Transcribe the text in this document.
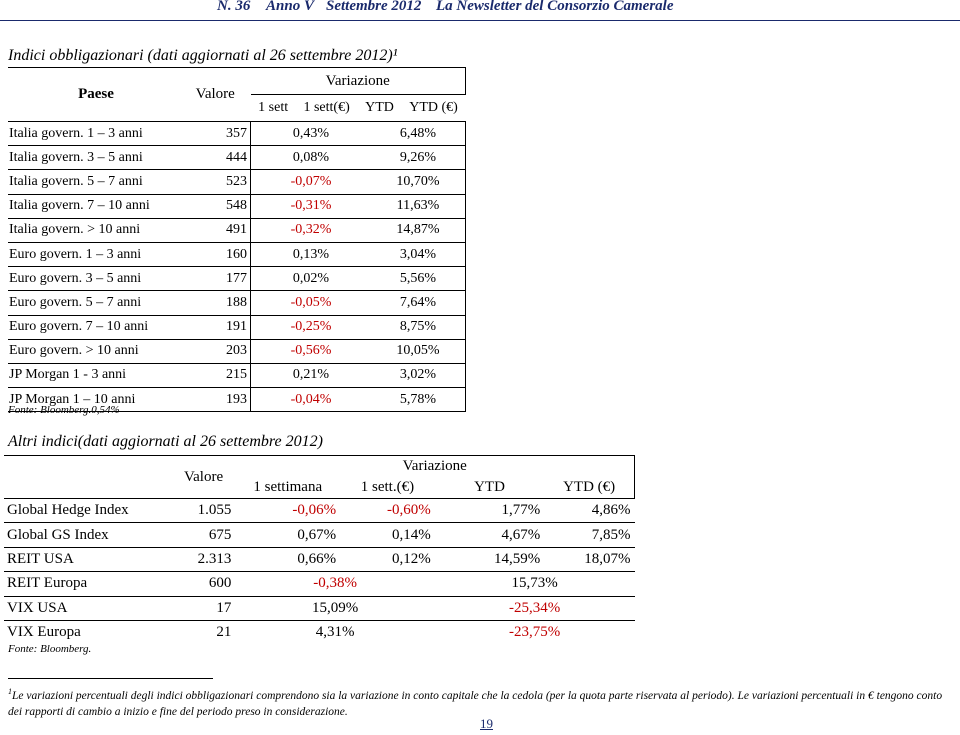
N. 36 Anno V Settembre 2012 La Newsletter del Consorzio Camerale
Indici obbligazionari (dati aggiornati al 26 settembre 2012)¹
Paese	Valore	Variazione	

		1 sett 1 sett(€) YTD YTD (€)	

Italia govern. 1 – 3 anni	357	0,43%	6,48%
Italia govern. 3 – 5 anni	444	0,08%	9,26%
Italia govern. 5 – 7 anni	523	-0,07%	10,70%
Italia govern. 7 – 10 anni	548	-0,31%	11,63%
Italia govern. > 10 anni	491	-0,32%	14,87%
Euro govern. 1 – 3 anni	160	0,13%	3,04%
Euro govern. 3 – 5 anni	177	0,02%	5,56%
Euro govern. 5 – 7 anni	188	-0,05%	7,64%
Euro govern. 7 – 10 anni	191	-0,25%	8,75%
Euro govern. > 10 anni	203	-0,56%	10,05%
JP Morgan 1 - 3 anni	215	0,21%	3,02%
JP Morgan 1 – 10 anni	193	-0,04%	5,78%
Fonte: Bloomberg.0,54%
Altri indici(dati aggiornati al 26 settembre 2012)
	Valore	Variazione			
		1 settimana	1 sett.(€)	YTD	YTD (€)
Global Hedge Index	1.055	-0,06%	-0,60%	1,77%	4,86%
Global GS Index	675	0,67%	0,14%	4,67%	7,85%
REIT USA	2.313	0,66%	0,12%	14,59%	18,07%
REIT Europa	600	-0,38%		15,73%	
VIX USA	17	15,09%		-25,34%	
VIX Europa	21	4,31%		-23,75%	
Fonte: Bloomberg.
$^1$Le variazioni percentuali degli indici obbligazionari comprendono sia la variazione in conto capitale che la cedola (per la quota parte riservata al periodo). Le variazioni percentuali in € tengono conto dei rapporti di cambio a inizio e fine del periodo preso in considerazione.
19
